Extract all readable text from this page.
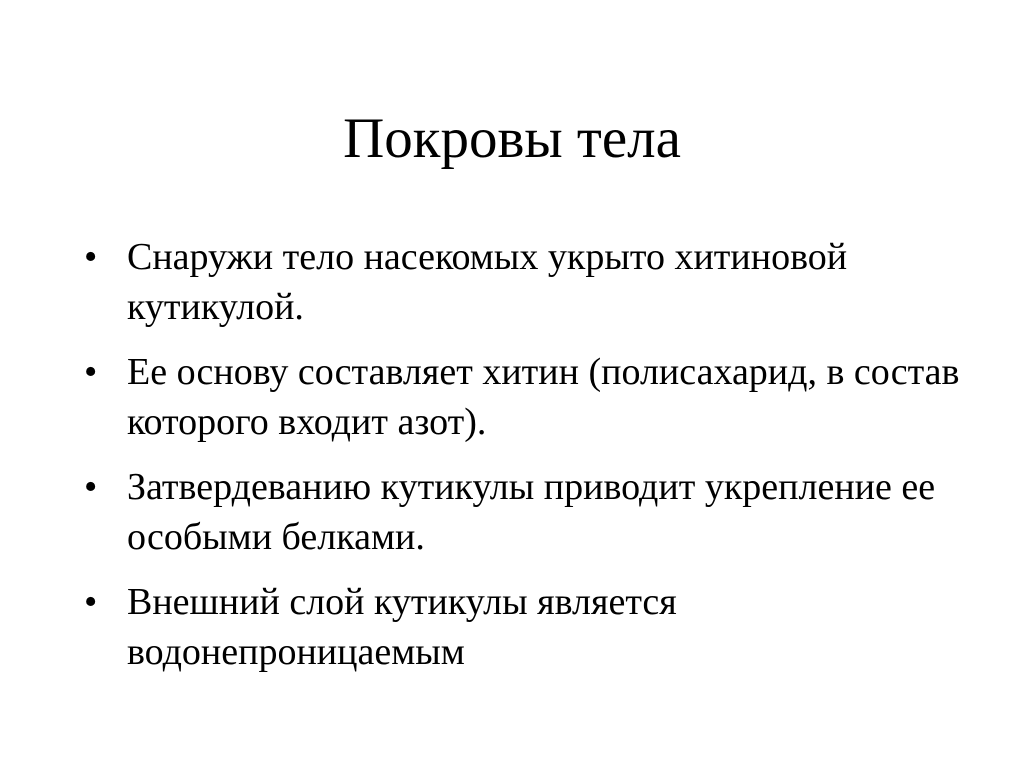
Покровы тела
• Снаружи тело насекомых укрыто хитиновой кутикулой.
• Ее основу составляет хитин (полисахарид, в состав которого входит азот).
• Затвердеванию кутикулы приводит укрепление ее особыми белками.
• Внешний слой кутикулы является водонепроницаемым
